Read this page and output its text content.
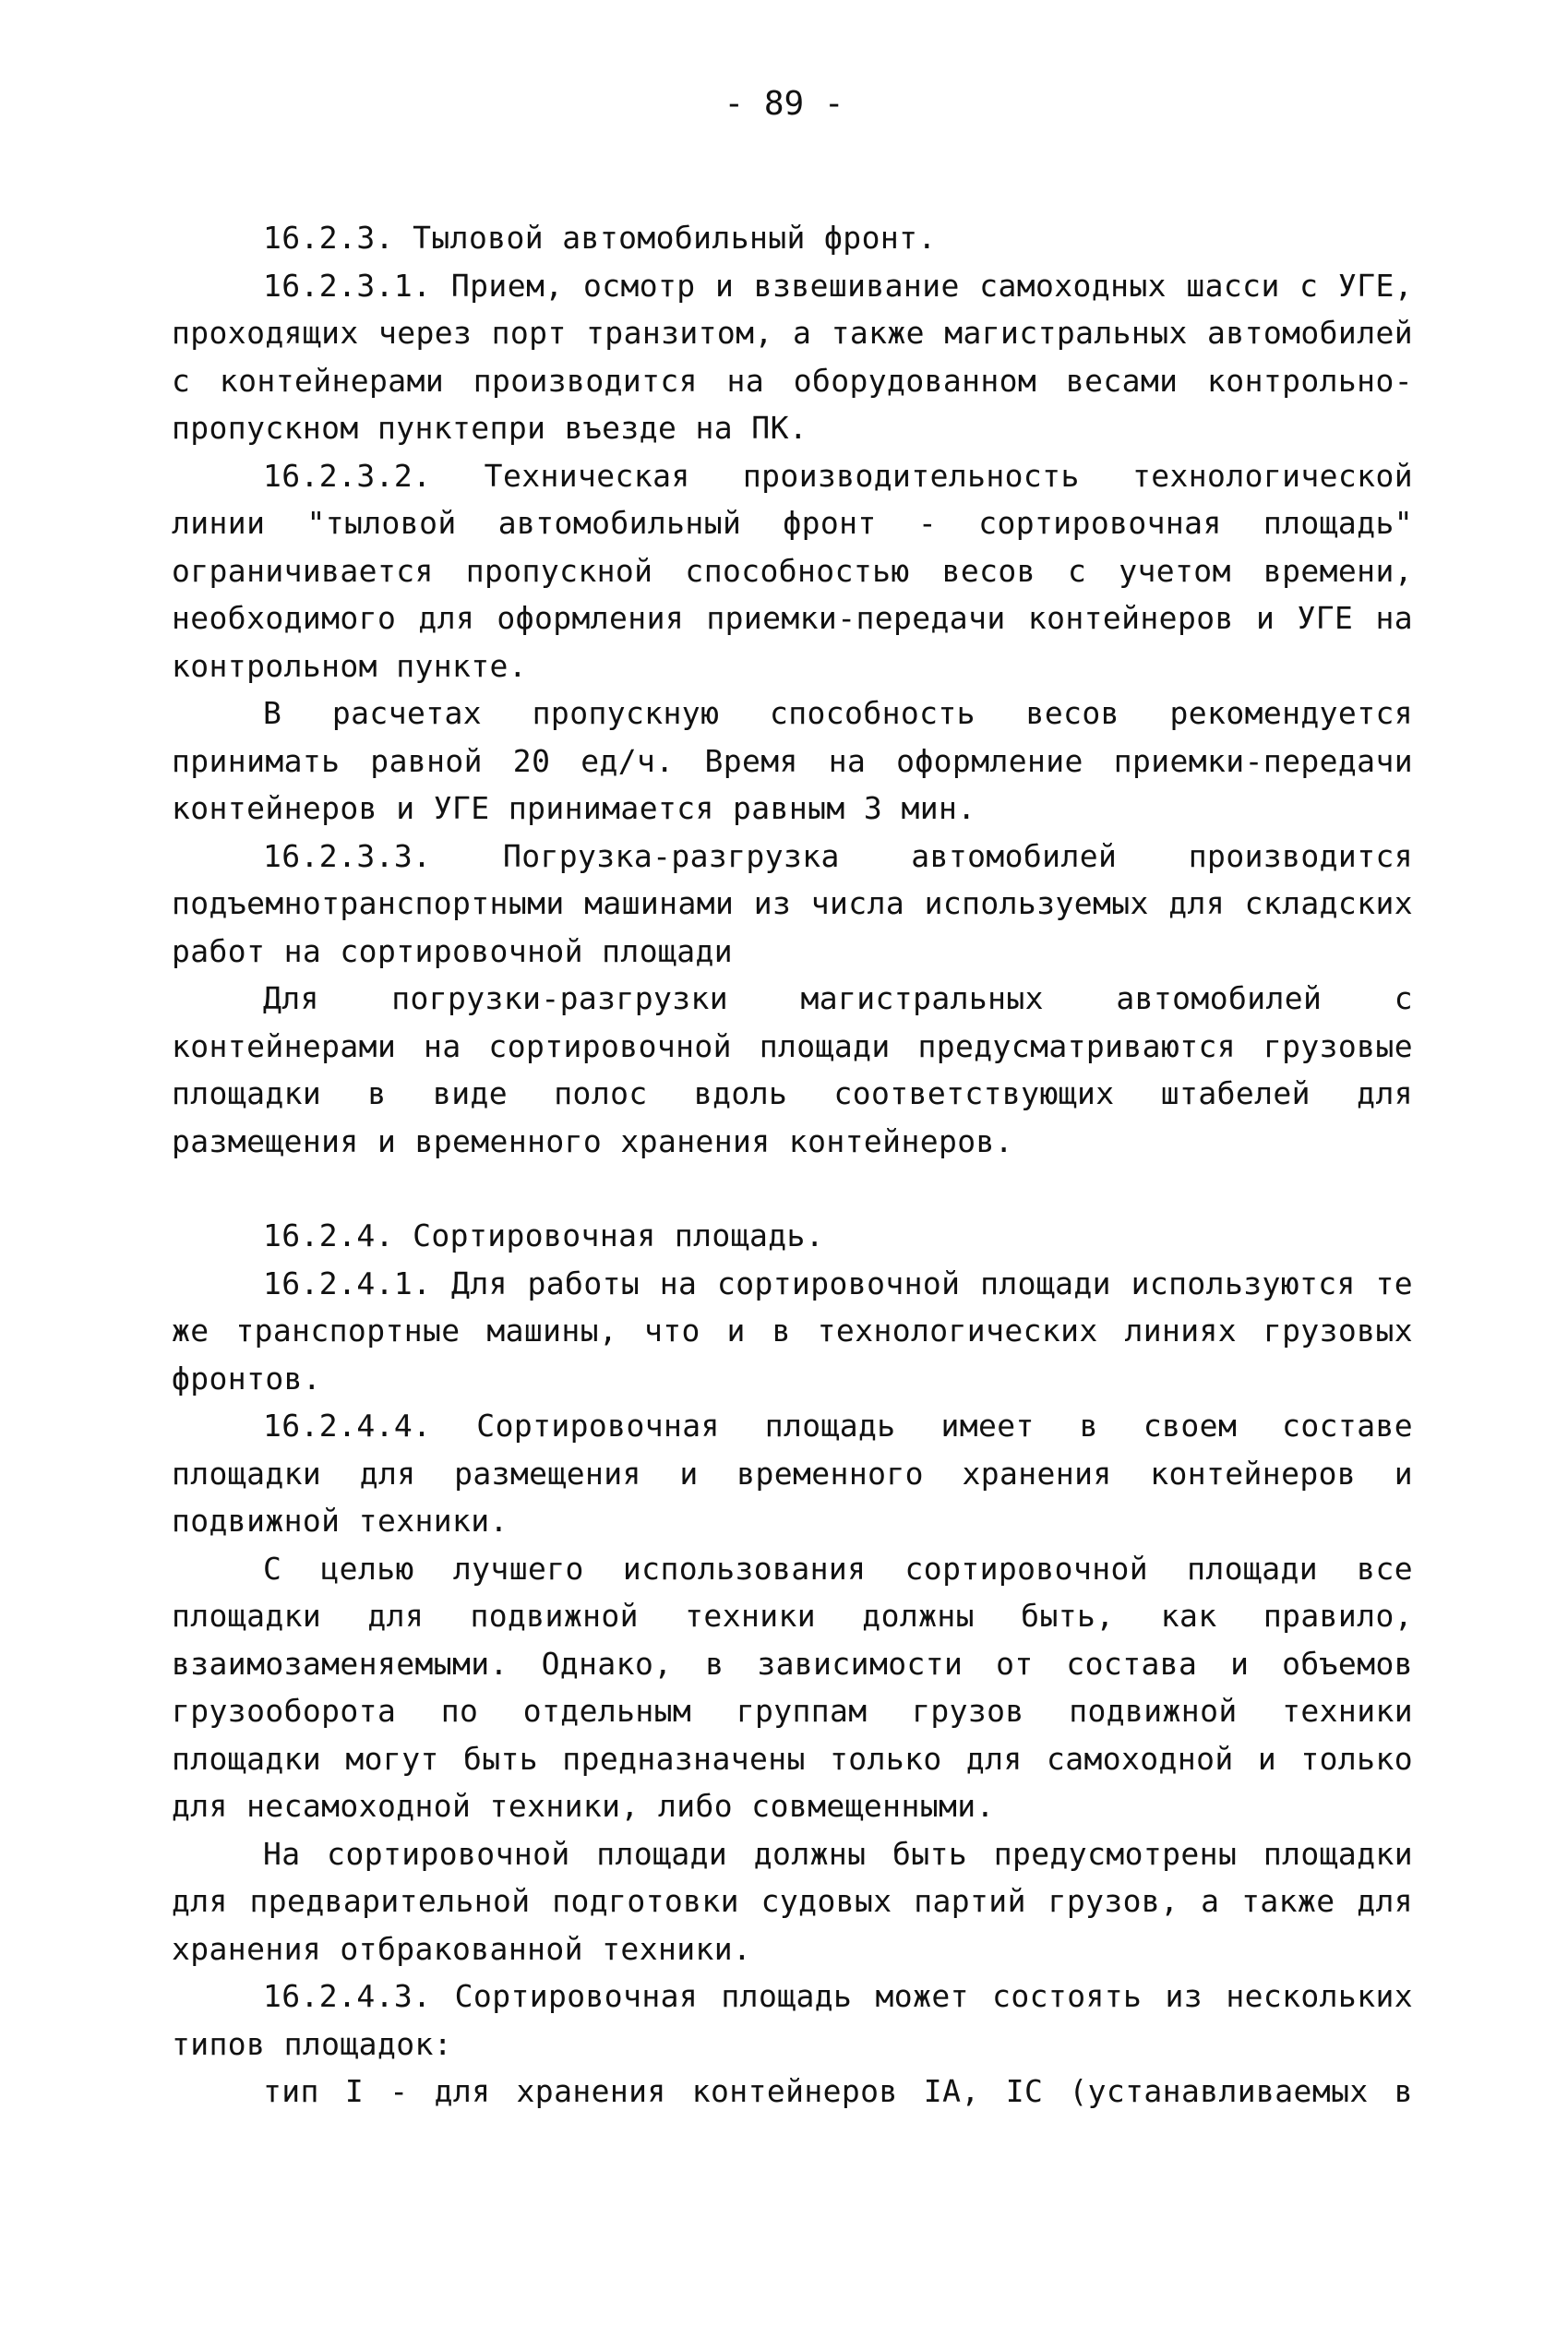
- 89 -

16.2.3. Тыловой автомобильный фронт.

16.2.3.1. Прием, осмотр и взвешивание самоходных шасси с УГЕ, проходящих через порт транзитом, а также магистральных автомобилей с контейнерами производится на оборудованном весами контрольно-пропускном пунктепри въезде на ПК.

16.2.3.2. Техническая производительность технологической линии "тыловой автомобильный фронт - сортировочная площадь" ограничивается пропускной способностью весов с учетом времени, необходимого для оформления приемки-передачи контейнеров и УГЕ на контрольном пункте.

В расчетах пропускную способность весов рекомендуется принимать равной 20 ед/ч. Время на оформление приемки-передачи контейнеров и УГЕ принимается равным 3 мин.

16.2.3.3. Погрузка-разгрузка автомобилей производится подъемнотранспортными машинами из числа используемых для складских работ на сортировочной площади

Для погрузки-разгрузки магистральных автомобилей с контейнерами на сортировочной площади предусматриваются грузовые площадки в виде полос вдоль соответствующих штабелей для размещения и временного хранения контейнеров.

16.2.4. Сортировочная площадь.

16.2.4.1. Для работы на сортировочной площади используются те же транспортные машины, что и в технологических линиях грузовых фронтов.

16.2.4.4. Сортировочная площадь имеет в своем составе площадки для размещения и временного хранения контейнеров и подвижной техники.

С целью лучшего использования сортировочной площади все площадки для подвижной техники должны быть, как правило, взаимозаменяемыми. Однако, в зависимости от состава и объемов грузооборота по отдельным группам грузов подвижной техники площадки могут быть предназначены только для самоходной и только для несамоходной техники, либо совмещенными.

На сортировочной площади должны быть предусмотрены площадки для предварительной подготовки судовых партий грузов, а также для хранения отбракованной техники.

16.2.4.3. Сортировочная площадь может состоять из нескольких типов площадок:

тип I - для хранения контейнеров IА, IС (устанавливаемых в
